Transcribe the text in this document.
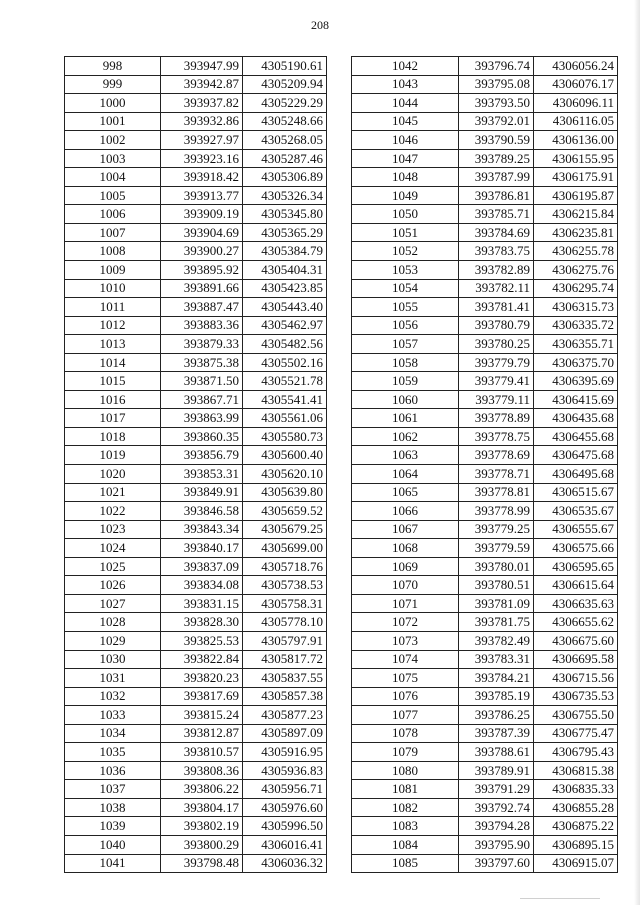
208
998	393947.99	4305190.61
999	393942.87	4305209.94
1000	393937.82	4305229.29
1001	393932.86	4305248.66
1002	393927.97	4305268.05
1003	393923.16	4305287.46
1004	393918.42	4305306.89
1005	393913.77	4305326.34
1006	393909.19	4305345.80
1007	393904.69	4305365.29
1008	393900.27	4305384.79
1009	393895.92	4305404.31
1010	393891.66	4305423.85
1011	393887.47	4305443.40
1012	393883.36	4305462.97
1013	393879.33	4305482.56
1014	393875.38	4305502.16
1015	393871.50	4305521.78
1016	393867.71	4305541.41
1017	393863.99	4305561.06
1018	393860.35	4305580.73
1019	393856.79	4305600.40
1020	393853.31	4305620.10
1021	393849.91	4305639.80
1022	393846.58	4305659.52
1023	393843.34	4305679.25
1024	393840.17	4305699.00
1025	393837.09	4305718.76
1026	393834.08	4305738.53
1027	393831.15	4305758.31
1028	393828.30	4305778.10
1029	393825.53	4305797.91
1030	393822.84	4305817.72
1031	393820.23	4305837.55
1032	393817.69	4305857.38
1033	393815.24	4305877.23
1034	393812.87	4305897.09
1035	393810.57	4305916.95
1036	393808.36	4305936.83
1037	393806.22	4305956.71
1038	393804.17	4305976.60
1039	393802.19	4305996.50
1040	393800.29	4306016.41
1041	393798.48	4306036.32
1042	393796.74	4306056.24
1043	393795.08	4306076.17
1044	393793.50	4306096.11
1045	393792.01	4306116.05
1046	393790.59	4306136.00
1047	393789.25	4306155.95
1048	393787.99	4306175.91
1049	393786.81	4306195.87
1050	393785.71	4306215.84
1051	393784.69	4306235.81
1052	393783.75	4306255.78
1053	393782.89	4306275.76
1054	393782.11	4306295.74
1055	393781.41	4306315.73
1056	393780.79	4306335.72
1057	393780.25	4306355.71
1058	393779.79	4306375.70
1059	393779.41	4306395.69
1060	393779.11	4306415.69
1061	393778.89	4306435.68
1062	393778.75	4306455.68
1063	393778.69	4306475.68
1064	393778.71	4306495.68
1065	393778.81	4306515.67
1066	393778.99	4306535.67
1067	393779.25	4306555.67
1068	393779.59	4306575.66
1069	393780.01	4306595.65
1070	393780.51	4306615.64
1071	393781.09	4306635.63
1072	393781.75	4306655.62
1073	393782.49	4306675.60
1074	393783.31	4306695.58
1075	393784.21	4306715.56
1076	393785.19	4306735.53
1077	393786.25	4306755.50
1078	393787.39	4306775.47
1079	393788.61	4306795.43
1080	393789.91	4306815.38
1081	393791.29	4306835.33
1082	393792.74	4306855.28
1083	393794.28	4306875.22
1084	393795.90	4306895.15
1085	393797.60	4306915.07
